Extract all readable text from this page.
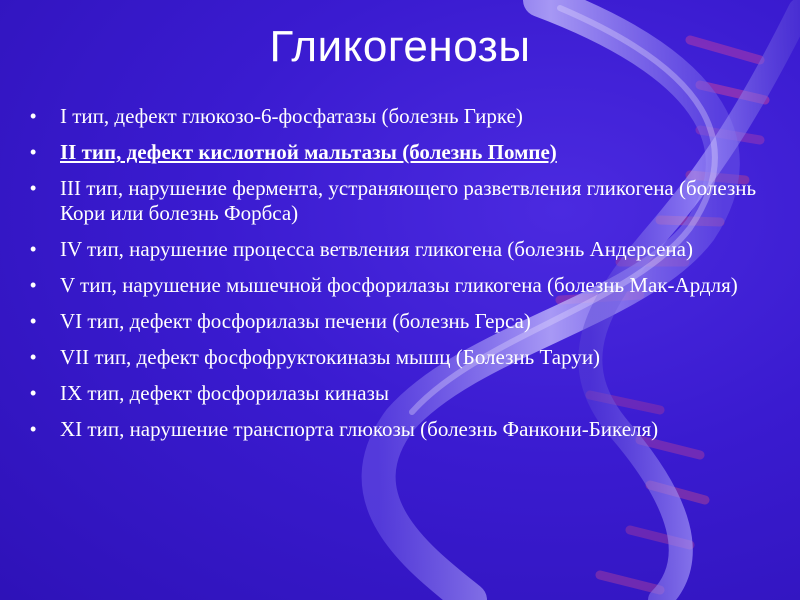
Гликогенозы
• I тип, дефект глюкозо-6-фосфатазы (болезнь Гирке)
• II тип, дефект кислотной мальтазы (болезнь Помпе)
• III тип, нарушение фермента, устраняющего разветвления гликогена (болезнь Кори или болезнь Форбса)
• IV тип, нарушение процесса ветвления гликогена (болезнь Андерсена)
• V тип, нарушение мышечной фосфорилазы гликогена (болезнь Мак-Ардля)
• VI тип, дефект фосфорилазы печени (болезнь Герса)
• VII тип, дефект фосфофруктокиназы мышц (Болезнь Таруи)
• IX тип, дефект фосфорилазы киназы
• XI тип, нарушение транспорта глюкозы (болезнь Фанкони-Бикеля)
